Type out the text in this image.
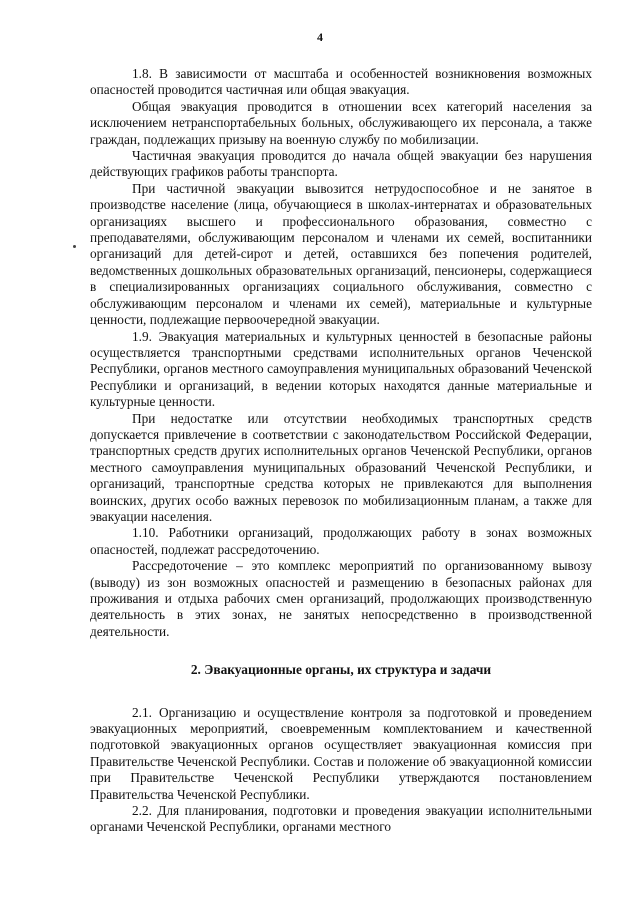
4

1.8. В зависимости от масштаба и особенностей возникновения возможных опасностей проводится частичная или общая эвакуация.

Общая эвакуация проводится в отношении всех категорий населения за исключением нетранспортабельных больных, обслуживающего их персонала, а также граждан, подлежащих призыву на военную службу по мобилизации.

Частичная эвакуация проводится до начала общей эвакуации без нарушения действующих графиков работы транспорта.

При частичной эвакуации вывозится нетрудоспособное и не занятое в производстве население (лица, обучающиеся в школах-интернатах и образовательных организациях высшего и профессионального образования, совместно с преподавателями, обслуживающим персоналом и членами их семей, воспитанники организаций для детей-сирот и детей, оставшихся без попечения родителей, ведомственных дошкольных образовательных организаций, пенсионеры, содержащиеся в специализированных организациях социального обслуживания, совместно с обслуживающим персоналом и членами их семей), материальные и культурные ценности, подлежащие первоочередной эвакуации.

1.9. Эвакуация материальных и культурных ценностей в безопасные районы осуществляется транспортными средствами исполнительных органов Чеченской Республики, органов местного самоуправления муниципальных образований Чеченской Республики и организаций, в ведении которых находятся данные материальные и культурные ценности.

При недостатке или отсутствии необходимых транспортных средств допускается привлечение в соответствии с законодательством Российской Федерации, транспортных средств других исполнительных органов Чеченской Республики, органов местного самоуправления муниципальных образований Чеченской Республики, и организаций, транспортные средства которых не привлекаются для выполнения воинских, других особо важных перевозок по мобилизационным планам, а также для эвакуации населения.

1.10. Работники организаций, продолжающих работу в зонах возможных опасностей, подлежат рассредоточению.

Рассредоточение – это комплекс мероприятий по организованному вывозу (выводу) из зон возможных опасностей и размещению в безопасных районах для проживания и отдыха рабочих смен организаций, продолжающих производственную деятельность в этих зонах, не занятых непосредственно в производственной деятельности.

2. Эвакуационные органы, их структура и задачи

2.1. Организацию и осуществление контроля за подготовкой и проведением эвакуационных мероприятий, своевременным комплектованием и качественной подготовкой эвакуационных органов осуществляет эвакуационная комиссия при Правительстве Чеченской Республики. Состав и положение об эвакуационной комиссии при Правительстве Чеченской Республики утверждаются постановлением Правительства Чеченской Республики.

2.2. Для планирования, подготовки и проведения эвакуации исполнительными органами Чеченской Республики, органами местного
